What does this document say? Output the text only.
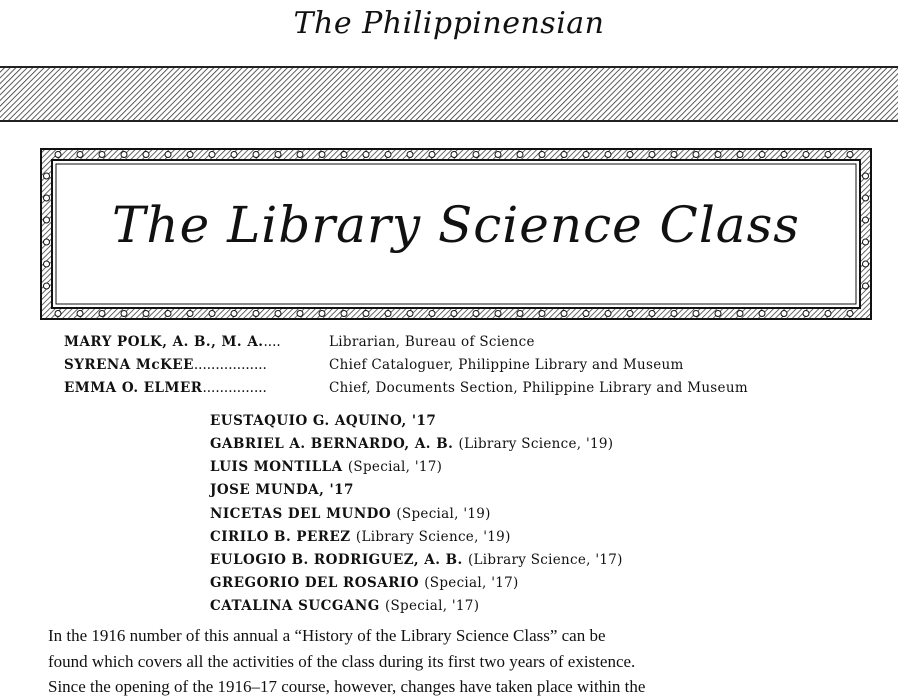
The Philippinensian
The Library Science Class
MARY POLK, A. B., M. A.....	Librarian, Bureau of Science
SYRENA McKEE.................	Chief Cataloguer, Philippine Library and Museum
EMMA O. ELMER...............	Chief, Documents Section, Philippine Library and Museum
EUSTAQUIO G. AQUINO, '17
GABRIEL A. BERNARDO, A. B. (Library Science, '19)
LUIS MONTILLA (Special, '17)
JOSE MUNDA, '17
NICETAS DEL MUNDO (Special, '19)
CIRILO B. PEREZ (Library Science, '19)
EULOGIO B. RODRIGUEZ, A. B. (Library Science, '17)
GREGORIO DEL ROSARIO (Special, '17)
CATALINA SUCGANG (Special, '17)
In the 1916 number of this annual a “History of the Library Science Class” can be
found which covers all the activities of the class during its first two years of existence.
Since the opening of the 1916–17 course, however, changes have taken place within the
